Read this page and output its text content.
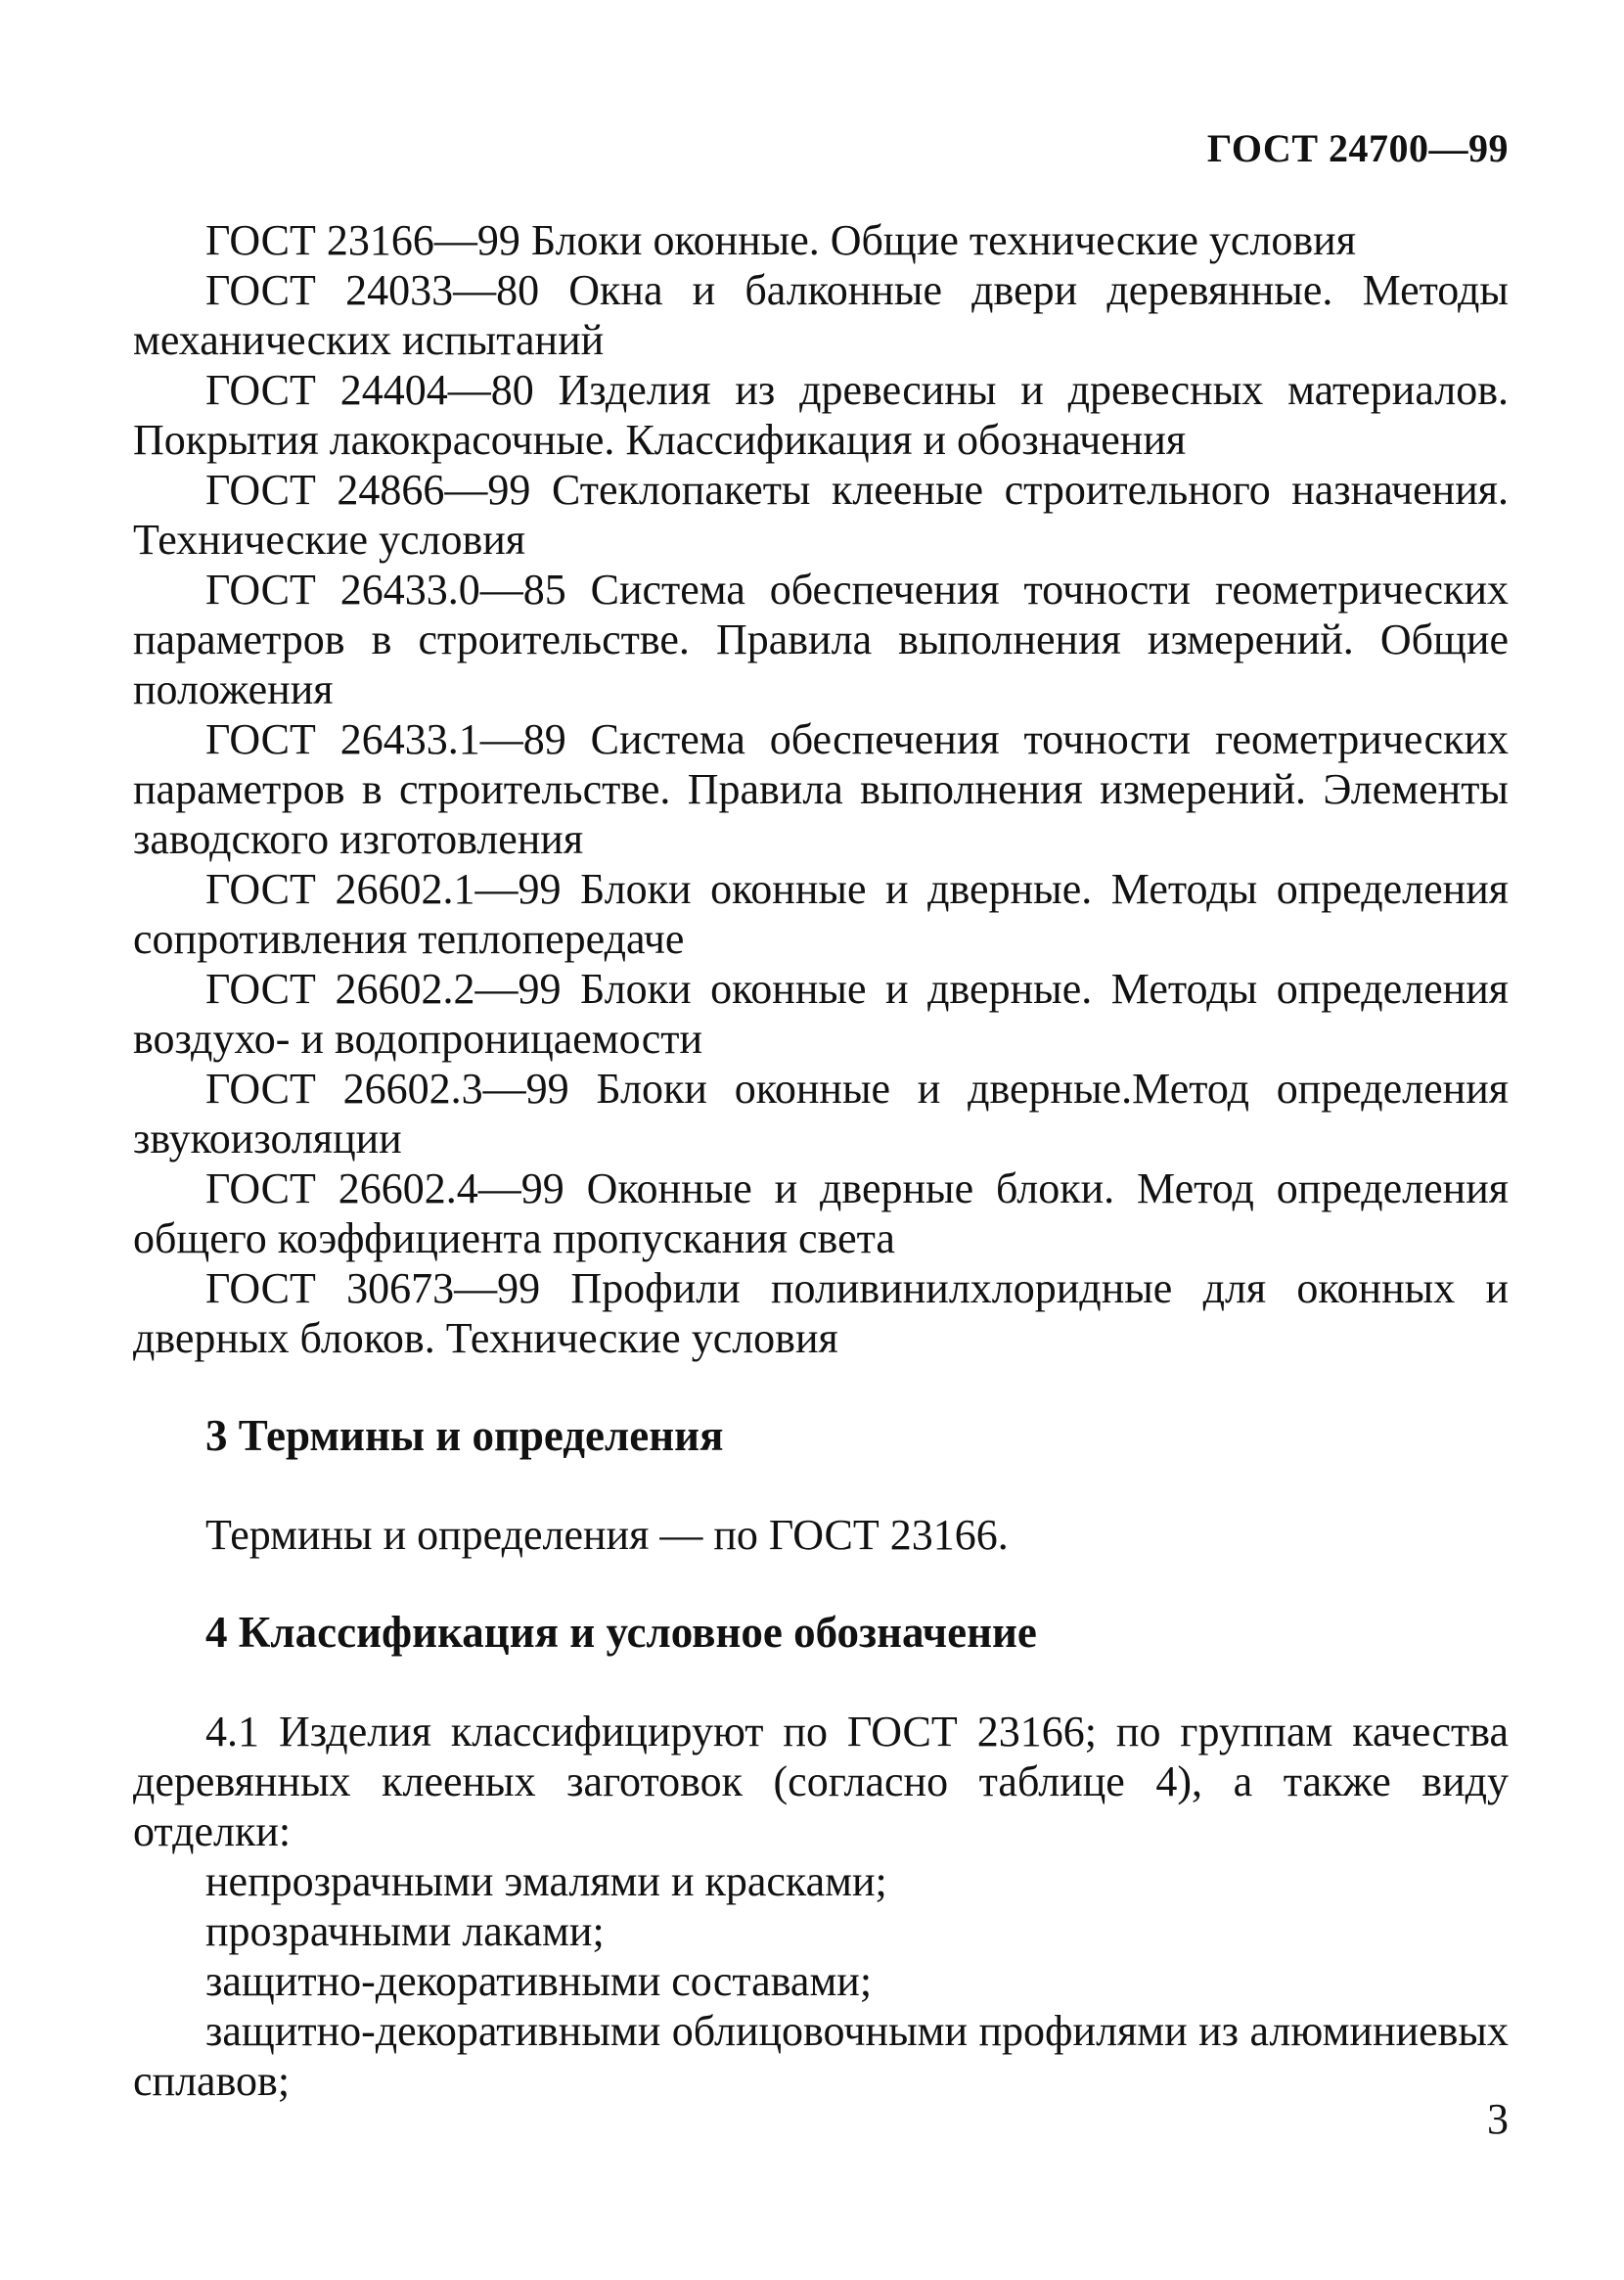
ГОСТ 24700—99

ГОСТ 23166—99 Блоки оконные. Общие технические условия

ГОСТ 24033—80 Окна и балконные двери деревянные. Методы механических испытаний

ГОСТ 24404—80 Изделия из древесины и древесных материалов. Покрытия лакокрасочные. Классификация и обозначения

ГОСТ 24866—99 Стеклопакеты клееные строительного назначения. Технические условия

ГОСТ 26433.0—85 Система обеспечения точности геометрических параметров в строительстве. Правила выполнения измерений. Общие положения

ГОСТ 26433.1—89 Система обеспечения точности геометрических параметров в строительстве. Правила выполнения измерений. Элементы заводского изготовления

ГОСТ 26602.1—99 Блоки оконные и дверные. Методы определения сопротивления теплопередаче

ГОСТ 26602.2—99 Блоки оконные и дверные. Методы определения воздухо- и водопроницаемости

ГОСТ 26602.3—99 Блоки оконные и дверные.Метод определения звукоизоляции

ГОСТ 26602.4—99 Оконные и дверные блоки. Метод определения общего коэффициента пропускания света

ГОСТ 30673—99 Профили поливинилхлоридные для оконных и дверных блоков. Технические условия

3 Термины и определения

Термины и определения — по ГОСТ 23166.

4 Классификация и условное обозначение

4.1 Изделия классифицируют по ГОСТ 23166; по группам качества деревянных клееных заготовок (согласно таблице 4), а также виду отделки:

непрозрачными эмалями и красками;
прозрачными лаками;
защитно-декоративными составами;
защитно-декоративными облицовочными профилями из алюминиевых сплавов;
3
